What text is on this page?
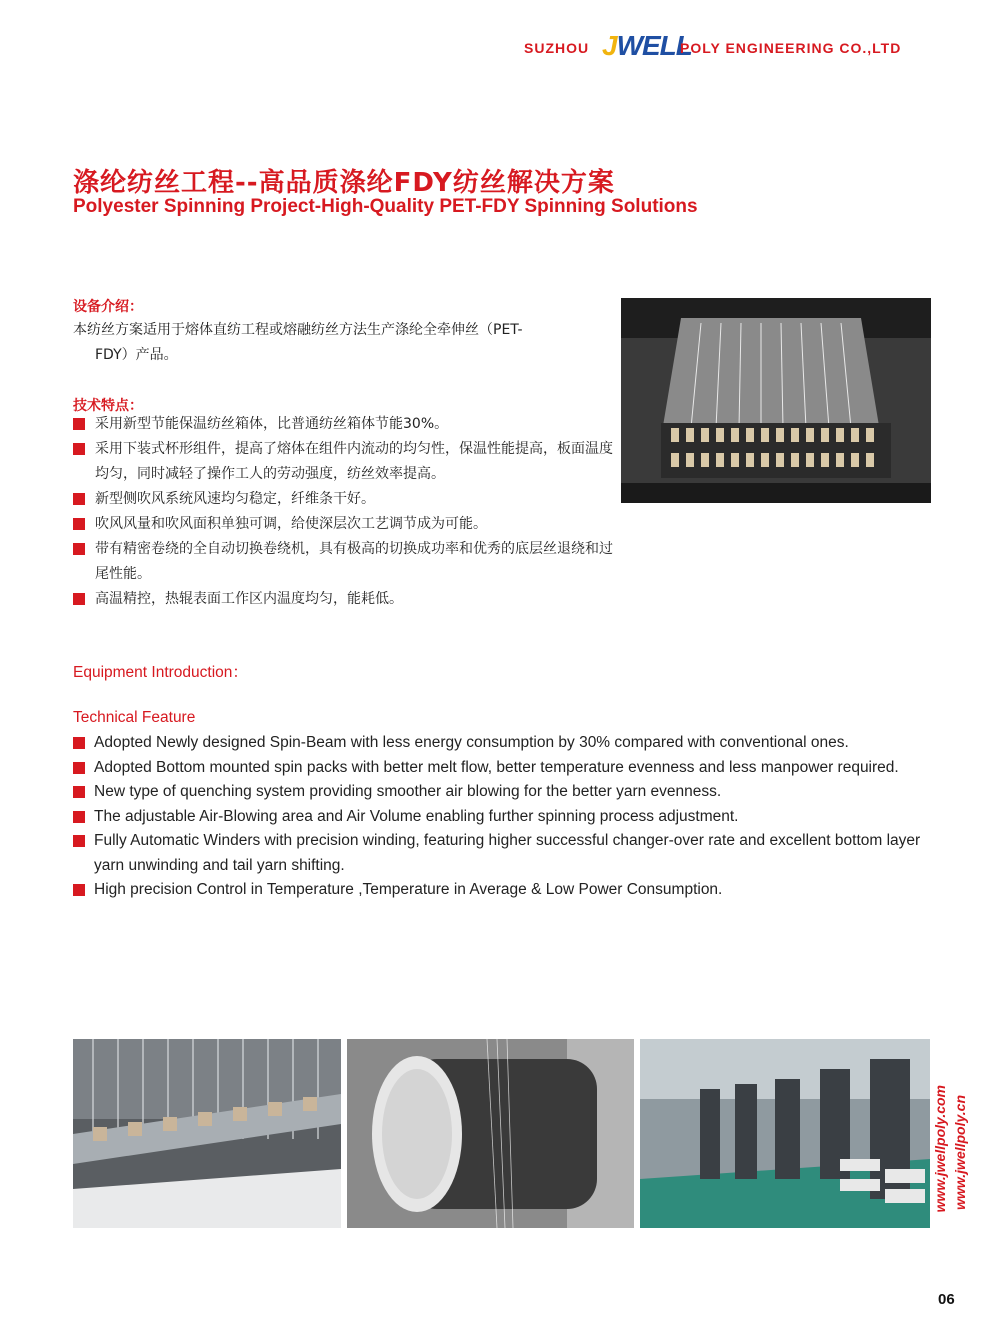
SUZHOU JWELL
POLY ENGINEERING CO.,LTD
涤纶纺丝工程--高品质涤纶FDY纺丝解决方案
Polyester Spinning Project-High-Quality PET-FDY Spinning Solutions
设备介绍：
本纺丝方案适用于熔体直纺工程或熔融纺丝方法生产涤纶全牵伸丝（PET-
FDY）产品。
技术特点：
采用新型节能保温纺丝箱体，比普通纺丝箱体节能30%。
采用下装式杯形组件，提高了熔体在组件内流动的均匀性，保温性能提高，板面温度均匀，同时减轻了操作工人的劳动强度，纺丝效率提高。
新型侧吹风系统风速均匀稳定，纤维条干好。
吹风风量和吹风面积单独可调，给使深层次工艺调节成为可能。
带有精密卷绕的全自动切换卷绕机，具有极高的切换成功率和优秀的底层丝退绕和过尾性能。
高温精控，热辊表面工作区内温度均匀，能耗低。
Equipment Introduction：
Technical Feature
Adopted Newly designed Spin-Beam with less energy consumption by 30% compared with conventional ones.
Adopted Bottom mounted spin packs with better melt flow, better temperature evenness and less manpower required.
New type of quenching system providing smoother air blowing for the better yarn evenness.
The adjustable Air-Blowing area and Air Volume enabling further spinning process adjustment.
Fully Automatic Winders with precision winding, featuring higher successful changer-over rate and excellent bottom layer yarn unwinding and tail yarn shifting.
High precision Control in Temperature ,Temperature in Average & Low Power Consumption.
www.jwellpoly.com www.jwellpoly.cn
06
